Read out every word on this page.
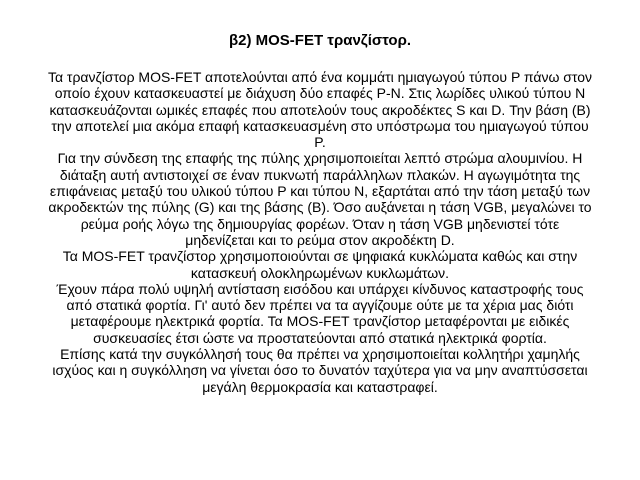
β2) MOS-FET τρανζίστορ.
Τα τρανζίστορ MOS-FET αποτελούνται από ένα κομμάτι ημιαγωγού τύπου P πάνω στον
οποίο έχουν κατασκευαστεί με διάχυση δύο επαφές P-N. Στις λωρίδες υλικού τύπου N
κατασκευάζονται ωμικές επαφές που αποτελούν τους ακροδέκτες S και D. Την βάση (B)
την αποτελεί μια ακόμα επαφή κατασκευασμένη στο υπόστρωμα του ημιαγωγού τύπου
P.
Για την σύνδεση της επαφής της πύλης χρησιμοποιείται λεπτό στρώμα αλουμινίου. Η
διάταξη αυτή αντιστοιχεί σε έναν πυκνωτή παράλληλων πλακών. Η αγωγιμότητα της
επιφάνειας μεταξύ του υλικού τύπου P και τύπου N, εξαρτάται από την τάση μεταξύ των
ακροδεκτών της πύλης (G) και της βάσης (B). Όσο αυξάνεται η τάση VGB, μεγαλώνει το
ρεύμα ροής λόγω της δημιουργίας φορέων. Όταν η τάση VGB μηδενιστεί τότε
μηδενίζεται και το ρεύμα στον ακροδέκτη D.
Τα MOS-FET τρανζίστορ χρησιμοποιούνται σε ψηφιακά κυκλώματα καθώς και στην
κατασκευή ολοκληρωμένων κυκλωμάτων.
Έχουν πάρα πολύ υψηλή αντίσταση εισόδου και υπάρχει κίνδυνος καταστροφής τους
από στατικά φορτία. Γι' αυτό δεν πρέπει να τα αγγίζουμε ούτε με τα χέρια μας διότι
μεταφέρουμε ηλεκτρικά φορτία. Τα MOS-FET τρανζίστορ μεταφέρονται με ειδικές
συσκευασίες έτσι ώστε να προστατεύονται από στατικά ηλεκτρικά φορτία.
Επίσης κατά την συγκόλλησή τους θα πρέπει να χρησιμοποιείται κολλητήρι χαμηλής
ισχύος και η συγκόλληση να γίνεται όσο το δυνατόν ταχύτερα για να μην αναπτύσσεται
μεγάλη θερμοκρασία και καταστραφεί.
